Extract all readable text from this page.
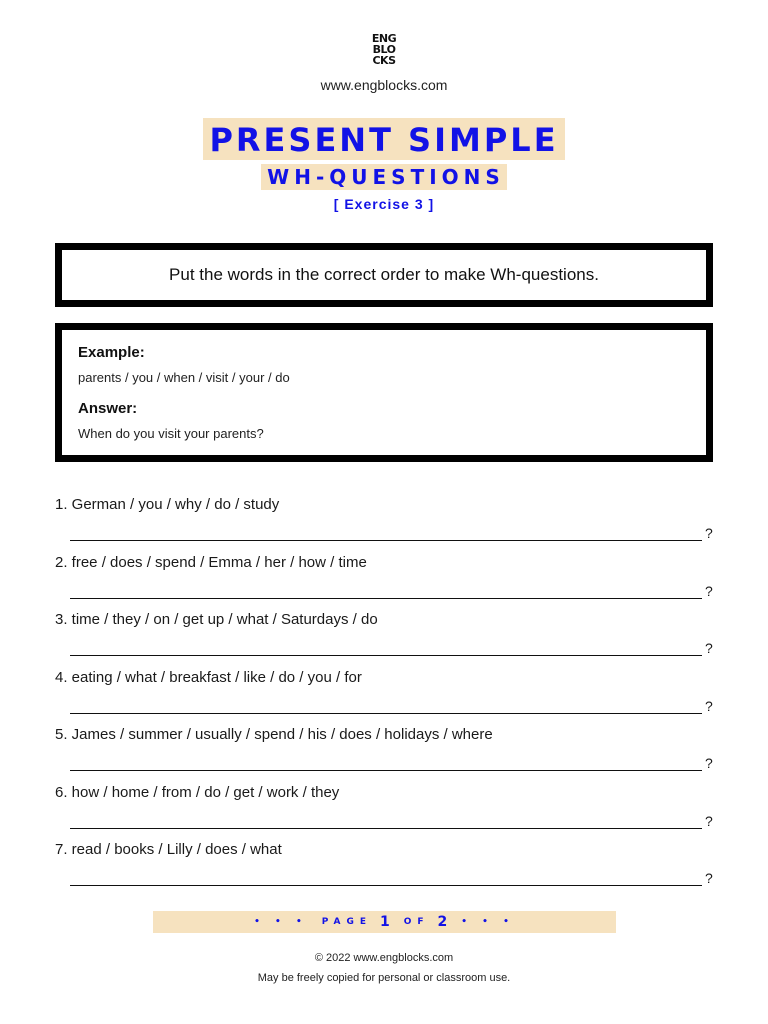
ENG
BLO
CKS
www.engblocks.com
PRESENT SIMPLE
WH-QUESTIONS
[ Exercise 3 ]
Put the words in the correct order to make Wh-questions.
Example:
parents / you / when / visit / your / do
Answer:
When do you visit your parents?
1. German / you / why / do / study
?
2. free / does / spend / Emma / her / how / time
?
3. time / they / on / get up / what / Saturdays / do
?
4. eating / what / breakfast / like / do / you / for
?
5. James / summer / usually / spend / his / does / holidays / where
?
6. how / home / from / do / get / work / they
?
7. read / books / Lilly / does / what
?
• • • PAGE 1 OF 2 • • •
© 2022 www.engblocks.com
May be freely copied for personal or classroom use.
